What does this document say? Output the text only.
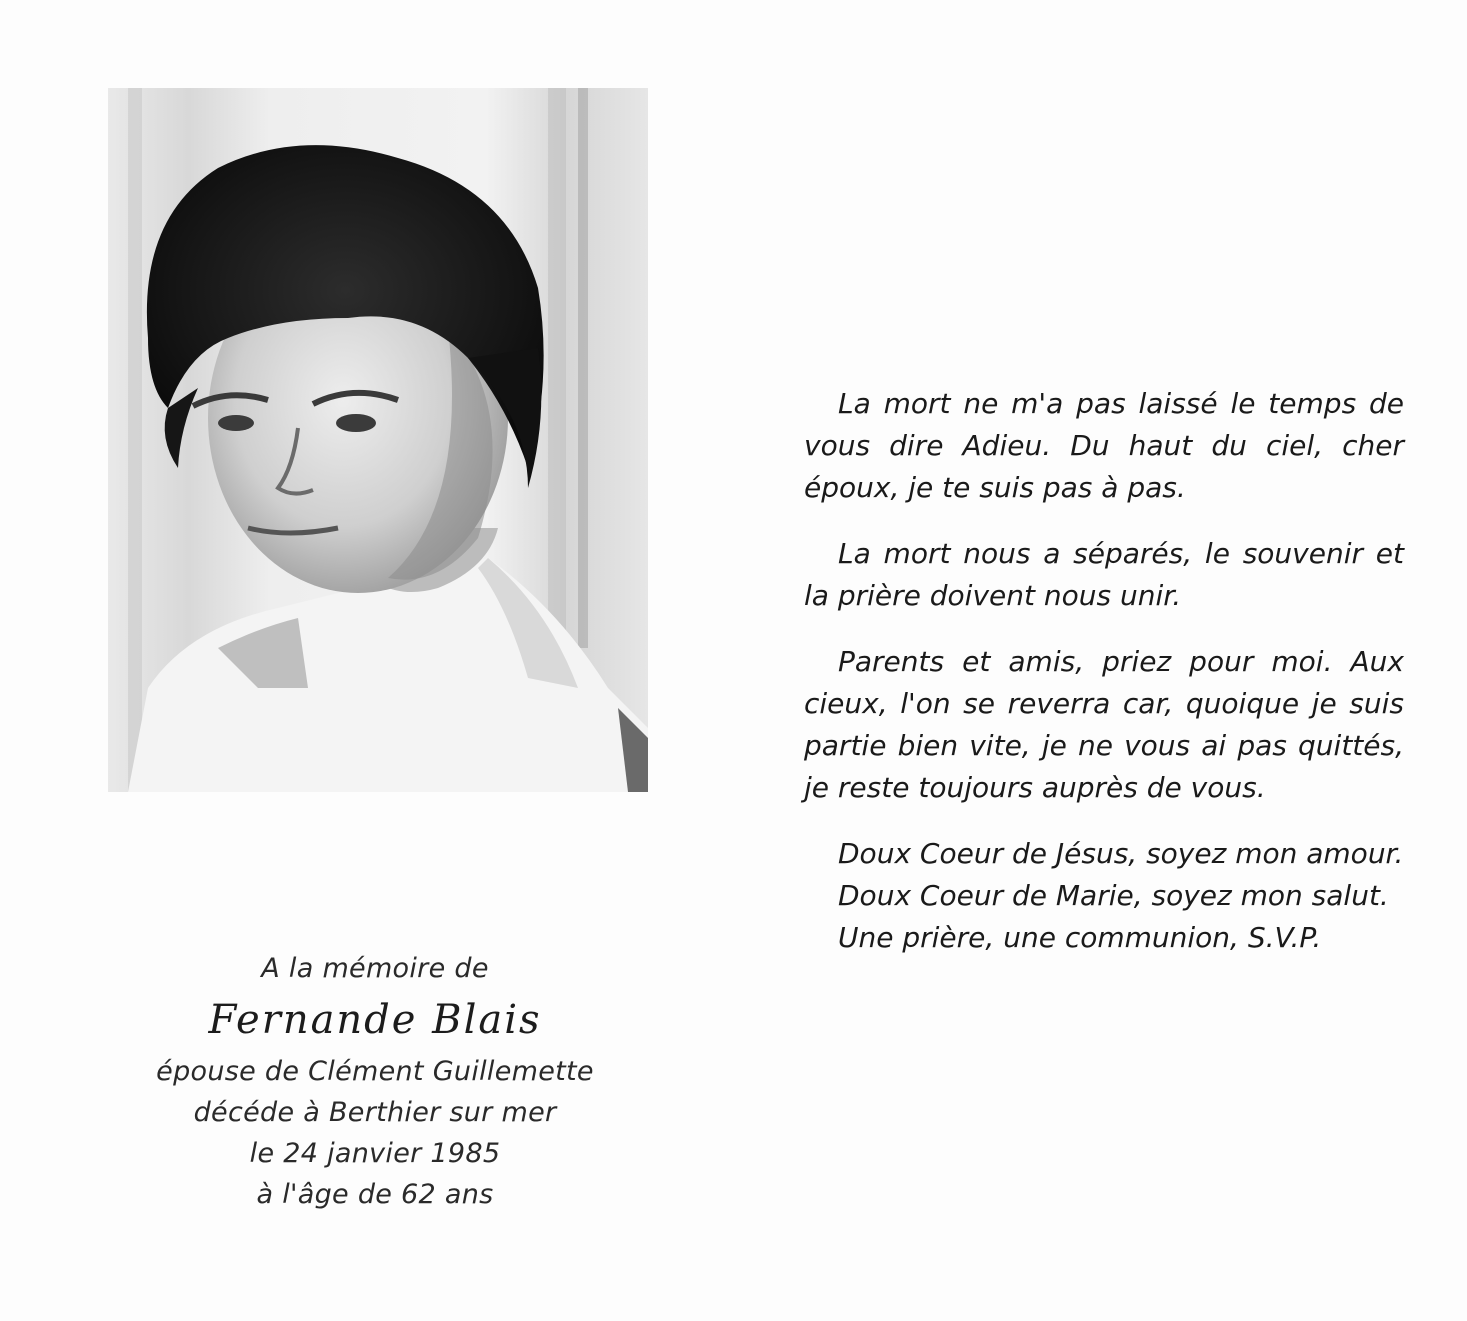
A la mémoire de
Fernande Blais
épouse de Clément Guillemette
décéde à Berthier sur mer
le 24 janvier 1985
à l'âge de 62 ans

La mort ne m'a pas laissé le temps de vous dire Adieu. Du haut du ciel, cher époux, je te suis pas à pas.

La mort nous a séparés, le souvenir et la prière doivent nous unir.

Parents et amis, priez pour moi. Aux cieux, l'on se reverra car, quoique je suis partie bien vite, je ne vous ai pas quittés, je reste toujours auprès de vous.

Doux Coeur de Jésus, soyez mon amour.

Doux Coeur de Marie, soyez mon salut.
Une prière, une communion, S.V.P.
